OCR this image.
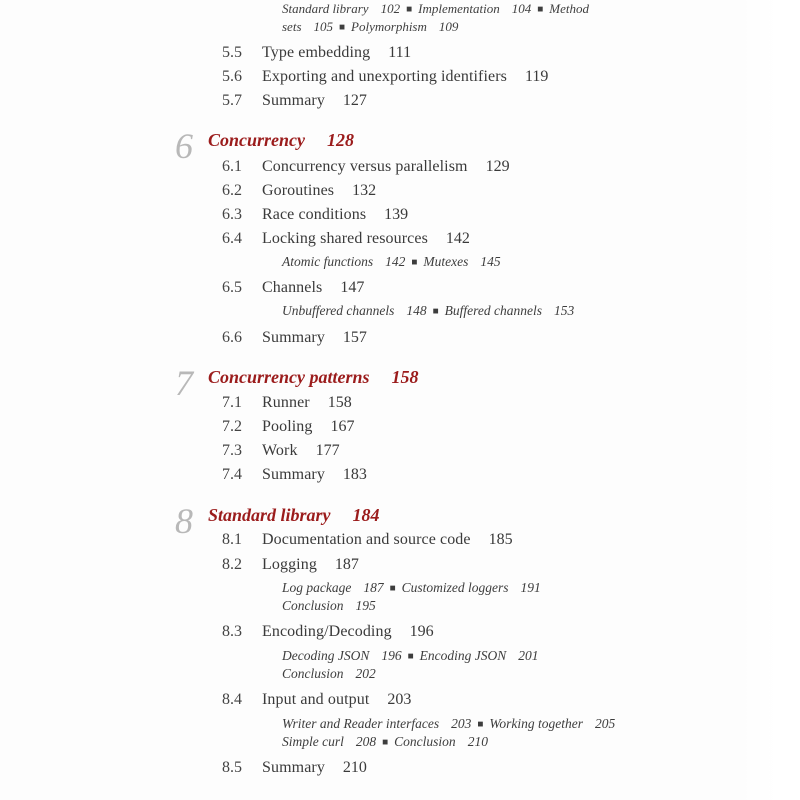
Standard library 102 ■ Implementation 104 ■ Method
sets 105 ■ Polymorphism 109
5.5 Type embedding 111
5.6 Exporting and unexporting identifiers 119
5.7 Summary 127
6 Concurrency 128
6.1 Concurrency versus parallelism 129
6.2 Goroutines 132
6.3 Race conditions 139
6.4 Locking shared resources 142
Atomic functions 142 ■ Mutexes 145
6.5 Channels 147
Unbuffered channels 148 ■ Buffered channels 153
6.6 Summary 157
7 Concurrency patterns 158
7.1 Runner 158
7.2 Pooling 167
7.3 Work 177
7.4 Summary 183
8 Standard library 184
8.1 Documentation and source code 185
8.2 Logging 187
Log package 187 ■ Customized loggers 191
Conclusion 195
8.3 Encoding/Decoding 196
Decoding JSON 196 ■ Encoding JSON 201
Conclusion 202
8.4 Input and output 203
Writer and Reader interfaces 203 ■ Working together 205
Simple curl 208 ■ Conclusion 210
8.5 Summary 210
